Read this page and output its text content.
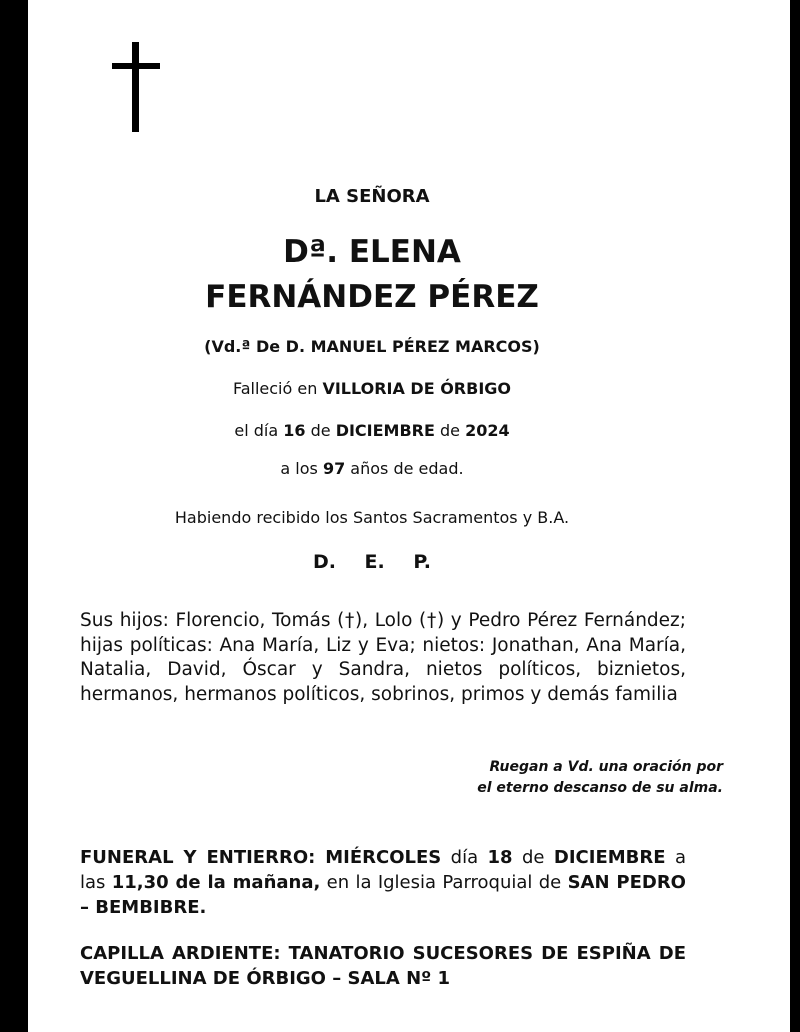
LA SEÑORA
Dª. ELENA
FERNÁNDEZ PÉREZ
(Vd.ª De D. MANUEL PÉREZ MARCOS)
Falleció en VILLORIA DE ÓRBIGO
el día 16 de DICIEMBRE de 2024
a los 97 años de edad.
Habiendo recibido los Santos Sacramentos y B.A.
D. E. P.
Sus hijos: Florencio, Tomás (†), Lolo (†) y Pedro Pérez Fernández; hijas políticas: Ana María, Liz y Eva; nietos: Jonathan, Ana María, Natalia, David, Óscar y Sandra, nietos políticos, biznietos, hermanos, hermanos políticos, sobrinos, primos y demás familia
Ruegan a Vd. una oración por
el eterno descanso de su alma.
FUNERAL Y ENTIERRO: MIÉRCOLES día 18 de DICIEMBRE a las 11,30 de la mañana, en la Iglesia Parroquial de SAN PEDRO – BEMBIBRE.
CAPILLA ARDIENTE: TANATORIO SUCESORES DE ESPIÑA DE VEGUELLINA DE ÓRBIGO – SALA Nº 1
